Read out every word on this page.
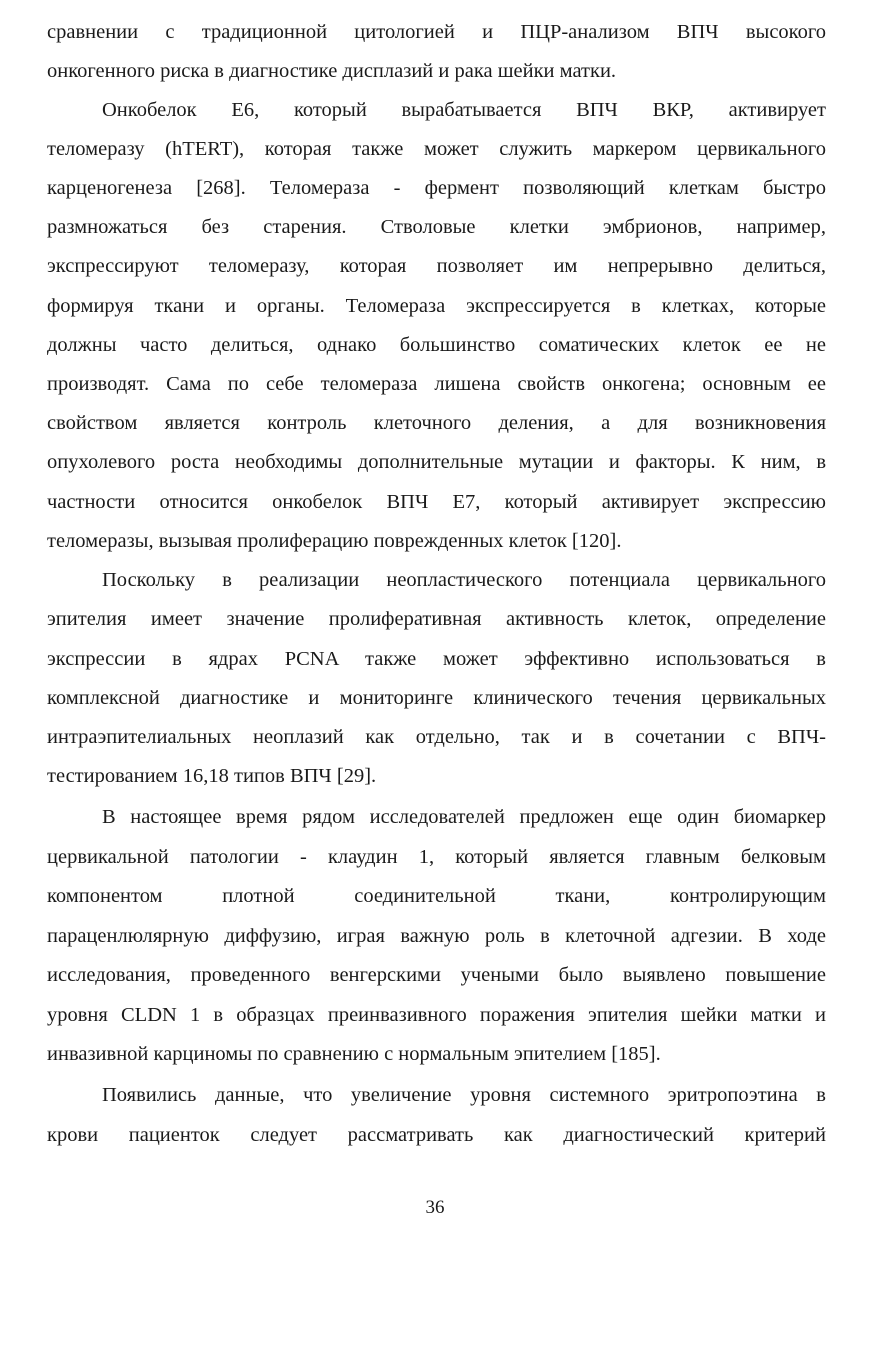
сравнении с традиционной цитологией и ПЦР-анализом ВПЧ высокого
онкогенного риска в диагностике дисплазий и рака шейки матки.
Онкобелок Е6, который вырабатывается ВПЧ ВКР, активирует
теломеразу (hTERT), которая также может служить маркером цервикального
карценогенеза [268]. Теломераза - фермент позволяющий клеткам быстро
размножаться без старения. Стволовые клетки эмбрионов, например,
экспрессируют теломеразу, которая позволяет им непрерывно делиться,
формируя ткани и органы. Теломераза экспрессируется в клетках, которые
должны часто делиться, однако большинство соматических клеток ее не
производят. Сама по себе теломераза лишена свойств онкогена; основным ее
свойством является контроль клеточного деления, а для возникновения
опухолевого роста необходимы дополнительные мутации и факторы. К ним, в
частности относится онкобелок ВПЧ Е7, который активирует экспрессию
теломеразы, вызывая пролиферацию поврежденных клеток [120].
Поскольку в реализации неопластического потенциала цервикального
эпителия имеет значение пролиферативная активность клеток, определение
экспрессии в ядрах PCNA также может эффективно использоваться в
комплексной диагностике и мониторинге клинического течения цервикальных
интраэпителиальных неоплазий как отдельно, так и в сочетании с ВПЧ-
тестированием 16,18 типов ВПЧ [29].
В настоящее время рядом исследователей предложен еще один биомаркер
цервикальной патологии - клаудин 1, который является главным белковым
компонентом плотной соединительной ткани, контролирующим
параценлюлярную диффузию, играя важную роль в клеточной адгезии. В ходе
исследования, проведенного венгерскими учеными было выявлено повышение
уровня CLDN 1 в образцах преинвазивного поражения эпителия шейки матки и
инвазивной карциномы по сравнению с нормальным эпителием [185].
Появились данные, что увеличение уровня системного эритропоэтина в
крови пациенток следует рассматривать как диагностический критерий
36
